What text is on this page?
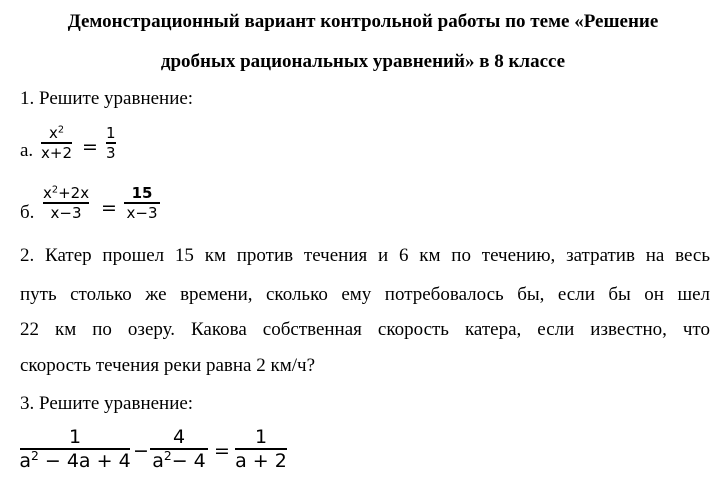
Демонстрационный вариант контрольной работы по теме «Решение
дробных рациональных уравнений» в 8 классе
1. Решите уравнение:
а.
$x^2$
x+2 =
1
3
б.
$x^2+2x$
x−3 =
15
x−3
2. Катер прошел 15 км против течения и 6 км по течению, затратив на весь
путь столько же времени, сколько ему потребовалось бы, если бы он шел
22 км по озеру. Какова собственная скорость катера, если известно, что
скорость течения реки равна 2 км/ч?
3. Решите уравнение:
1
$a^2 - 4a + 4$ −
4
$a^2- 4$ =
1
a + 2
